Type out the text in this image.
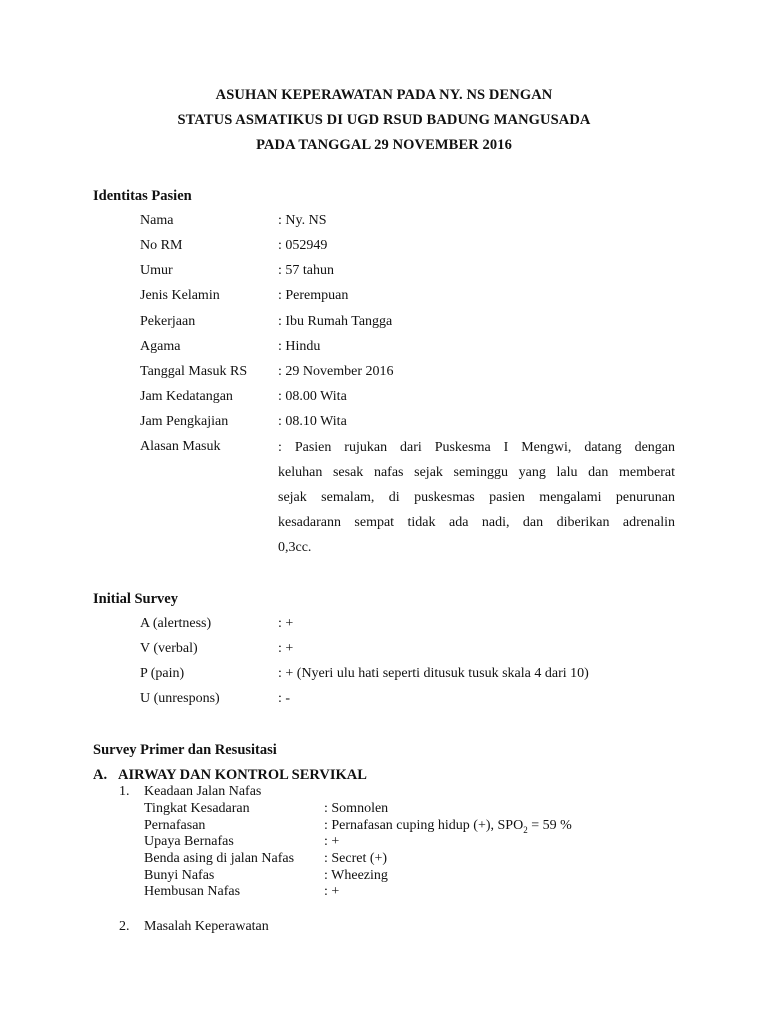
ASUHAN KEPERAWATAN PADA NY. NS DENGAN
STATUS ASMATIKUS DI UGD RSUD BADUNG MANGUSADA
PADA TANGGAL 29 NOVEMBER 2016
Identitas Pasien
Nama	: Ny. NS
No RM	: 052949
Umur	: 57 tahun
Jenis Kelamin	: Perempuan
Pekerjaan	: Ibu Rumah Tangga
Agama	: Hindu
Tanggal Masuk RS : 29 November 2016
Jam Kedatangan	: 08.00 Wita
Jam Pengkajian	: 08.10 Wita
Alasan Masuk	: Pasien rujukan dari Puskesma I Mengwi, datang dengan
keluhan sesak nafas sejak seminggu yang lalu dan memberat
sejak semalam, di puskesmas pasien mengalami penurunan
kesadarann sempat tidak ada nadi, dan diberikan adrenalin
0,3cc.
Initial Survey
A (alertness)	: +
V (verbal)	: +
P (pain)	: + (Nyeri ulu hati seperti ditusuk tusuk skala 4 dari 10)
U (unrespons)	: -
Survey Primer dan Resusitasi
A. AIRWAY DAN KONTROL SERVIKAL
1. Keadaan Jalan Nafas
Tingkat Kesadaran	: Somnolen
Pernafasan	: Pernafasan cuping hidup (+), $SPO_2 = 59$ %
Upaya Bernafas	: +
Benda asing di jalan Nafas : Secret (+)
Bunyi Nafas	: Wheezing
Hembusan Nafas	: +
2. Masalah Keperawatan
